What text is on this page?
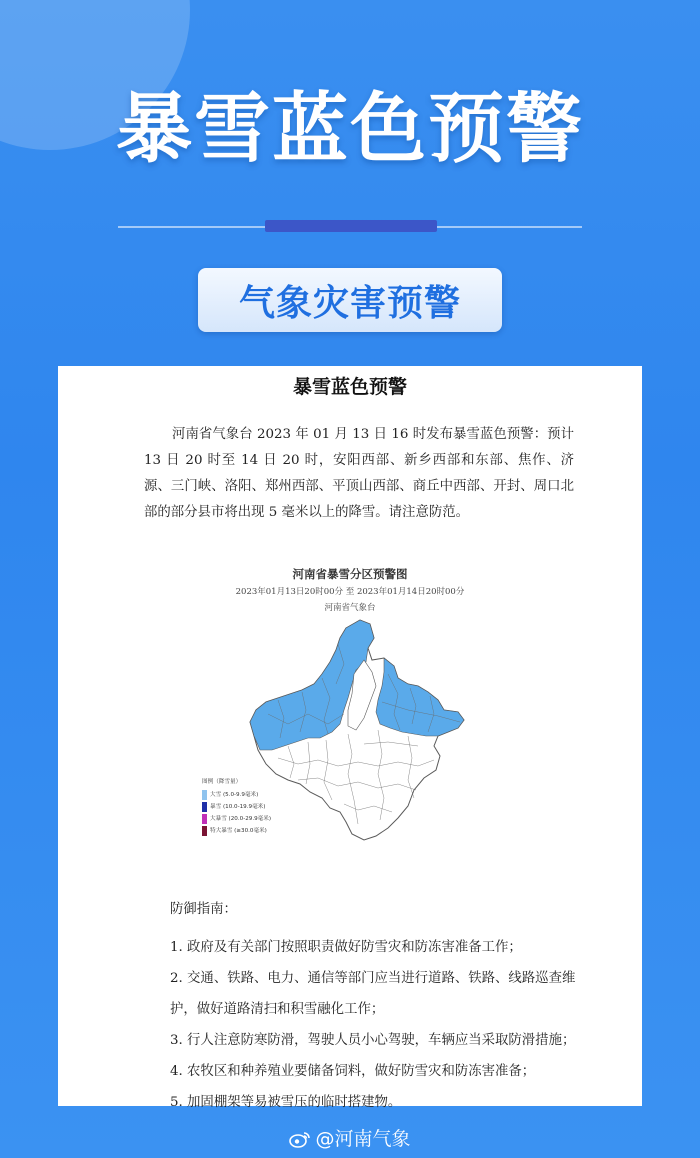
暴雪蓝色预警
气象灾害预警
暴雪蓝色预警
河南省气象台 2023 年 01 月 13 日 16 时发布暴雪蓝色预警：预计 13 日 20 时至 14 日 20 时，安阳西部、新乡西部和东部、焦作、济源、三门峡、洛阳、郑州西部、平顶山西部、商丘中西部、开封、周口北部的部分县市将出现 5 毫米以上的降雪。请注意防范。
河南省暴雪分区预警图
2023年01月13日20时00分 至 2023年01月14日20时00分
河南省气象台
图例（降雪量）
大雪 (5.0-9.9毫米)
暴雪 (10.0-19.9毫米)
大暴雪 (20.0-29.9毫米)
特大暴雪 (≥30.0毫米)
防御指南：
1. 政府及有关部门按照职责做好防雪灾和防冻害准备工作；
2. 交通、铁路、电力、通信等部门应当进行道路、铁路、线路巡查维护，做好道路清扫和积雪融化工作；
3. 行人注意防寒防滑，驾驶人员小心驾驶，车辆应当采取防滑措施；
4. 农牧区和种养殖业要储备饲料，做好防雪灾和防冻害准备；
5. 加固棚架等易被雪压的临时搭建物。
@河南气象
